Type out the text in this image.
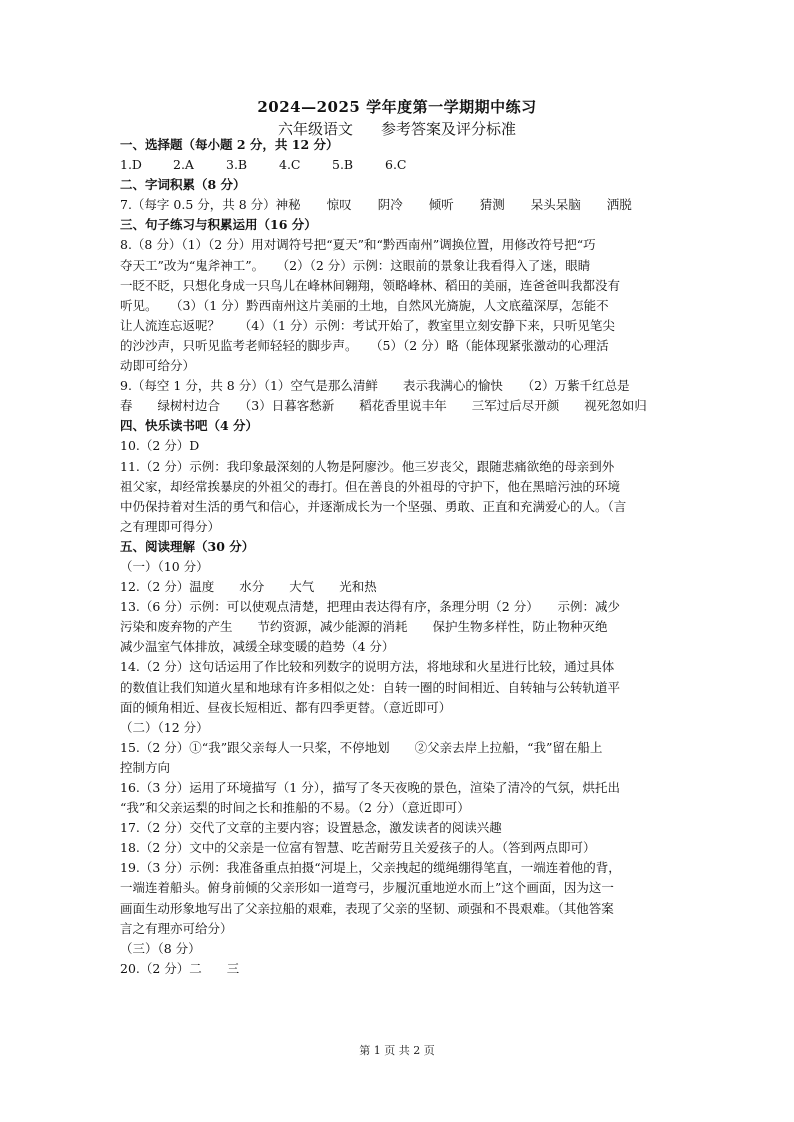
2024—2025 学年度第一学期期中练习
六年级语文 参考答案及评分标准
一、选择题（每小题 2 分，共 12 分）
1.D 2.A	3.B	4.C	5.B	6.C
二、字词积累（8 分）
7.（每字 0.5 分，共 8 分）神秘 惊叹 阴冷 倾听 猜测 呆头呆脑 洒脱
三、句子练习与积累运用（16 分）
8.（8 分）（1）（2 分）用对调符号把“夏天”和“黔西南州”调换位置，用修改符号把“巧
夺天工”改为“鬼斧神工”。　　（2）（2 分）示例：这眼前的景象让我看得入了迷，眼睛
一眨不眨，只想化身成一只鸟儿在峰林间翱翔，领略峰林、稻田的美丽，连爸爸叫我都没有
听见。　　（3）（1 分）黔西南州这片美丽的土地，自然风光旖旎，人文底蕴深厚，怎能不
让人流连忘返呢？　　（4）（1 分）示例：考试开始了，教室里立刻安静下来，只听见笔尖
的沙沙声，只听见监考老师轻轻的脚步声。　　（5）（2 分）略（能体现紧张激动的心理活
动即可给分）
9.（每空 1 分，共 8 分）（1）空气是那么清鲜　　表示我满心的愉快　　（2）万紫千红总是
春　　绿树村边合　　（3）日暮客愁新　　稻花香里说丰年　　三军过后尽开颜　　视死忽如归
四、快乐读书吧（4 分）
10.（2 分）D
11.（2 分）示例：我印象最深刻的人物是阿廖沙。他三岁丧父，跟随悲痛欲绝的母亲到外
祖父家，却经常挨暴戾的外祖父的毒打。但在善良的外祖母的守护下，他在黑暗污浊的环境
中仍保持着对生活的勇气和信心，并逐渐成长为一个坚强、勇敢、正直和充满爱心的人。（言
之有理即可得分）
五、阅读理解（30 分）
（一）（10 分）
12.（2 分）温度　　水分　　大气　　光和热
13.（6 分）示例：可以使观点清楚，把理由表达得有序，条理分明（2 分）　　示例：减少
污染和废弃物的产生　　节约资源，减少能源的消耗　　保护生物多样性，防止物种灭绝
减少温室气体排放，减缓全球变暖的趋势（4 分）
14.（2 分）这句话运用了作比较和列数字的说明方法，将地球和火星进行比较，通过具体
的数值让我们知道火星和地球有许多相似之处：自转一圈的时间相近、自转轴与公转轨道平
面的倾角相近、昼夜长短相近、都有四季更替。（意近即可）
（二）（12 分）
15.（2 分）①“我”跟父亲每人一只桨，不停地划　　②父亲去岸上拉船，“我”留在船上
控制方向
16.（3 分）运用了环境描写（1 分），描写了冬天夜晚的景色，渲染了清冷的气氛，烘托出
“我”和父亲运梨的时间之长和推船的不易。（2 分）（意近即可）
17.（2 分）交代了文章的主要内容；设置悬念，激发读者的阅读兴趣
18.（2 分）文中的父亲是一位富有智慧、吃苦耐劳且关爱孩子的人。（答到两点即可）
19.（3 分）示例：我准备重点拍摄“河堤上，父亲拽起的缆绳绷得笔直，一端连着他的背，
一端连着船头。俯身前倾的父亲形如一道弯弓，步履沉重地逆水而上”这个画面，因为这一
画面生动形象地写出了父亲拉船的艰难，表现了父亲的坚韧、顽强和不畏艰难。（其他答案
言之有理亦可给分）
（三）（8 分）
20.（2 分）二　　三
第 1 页 共 2 页
